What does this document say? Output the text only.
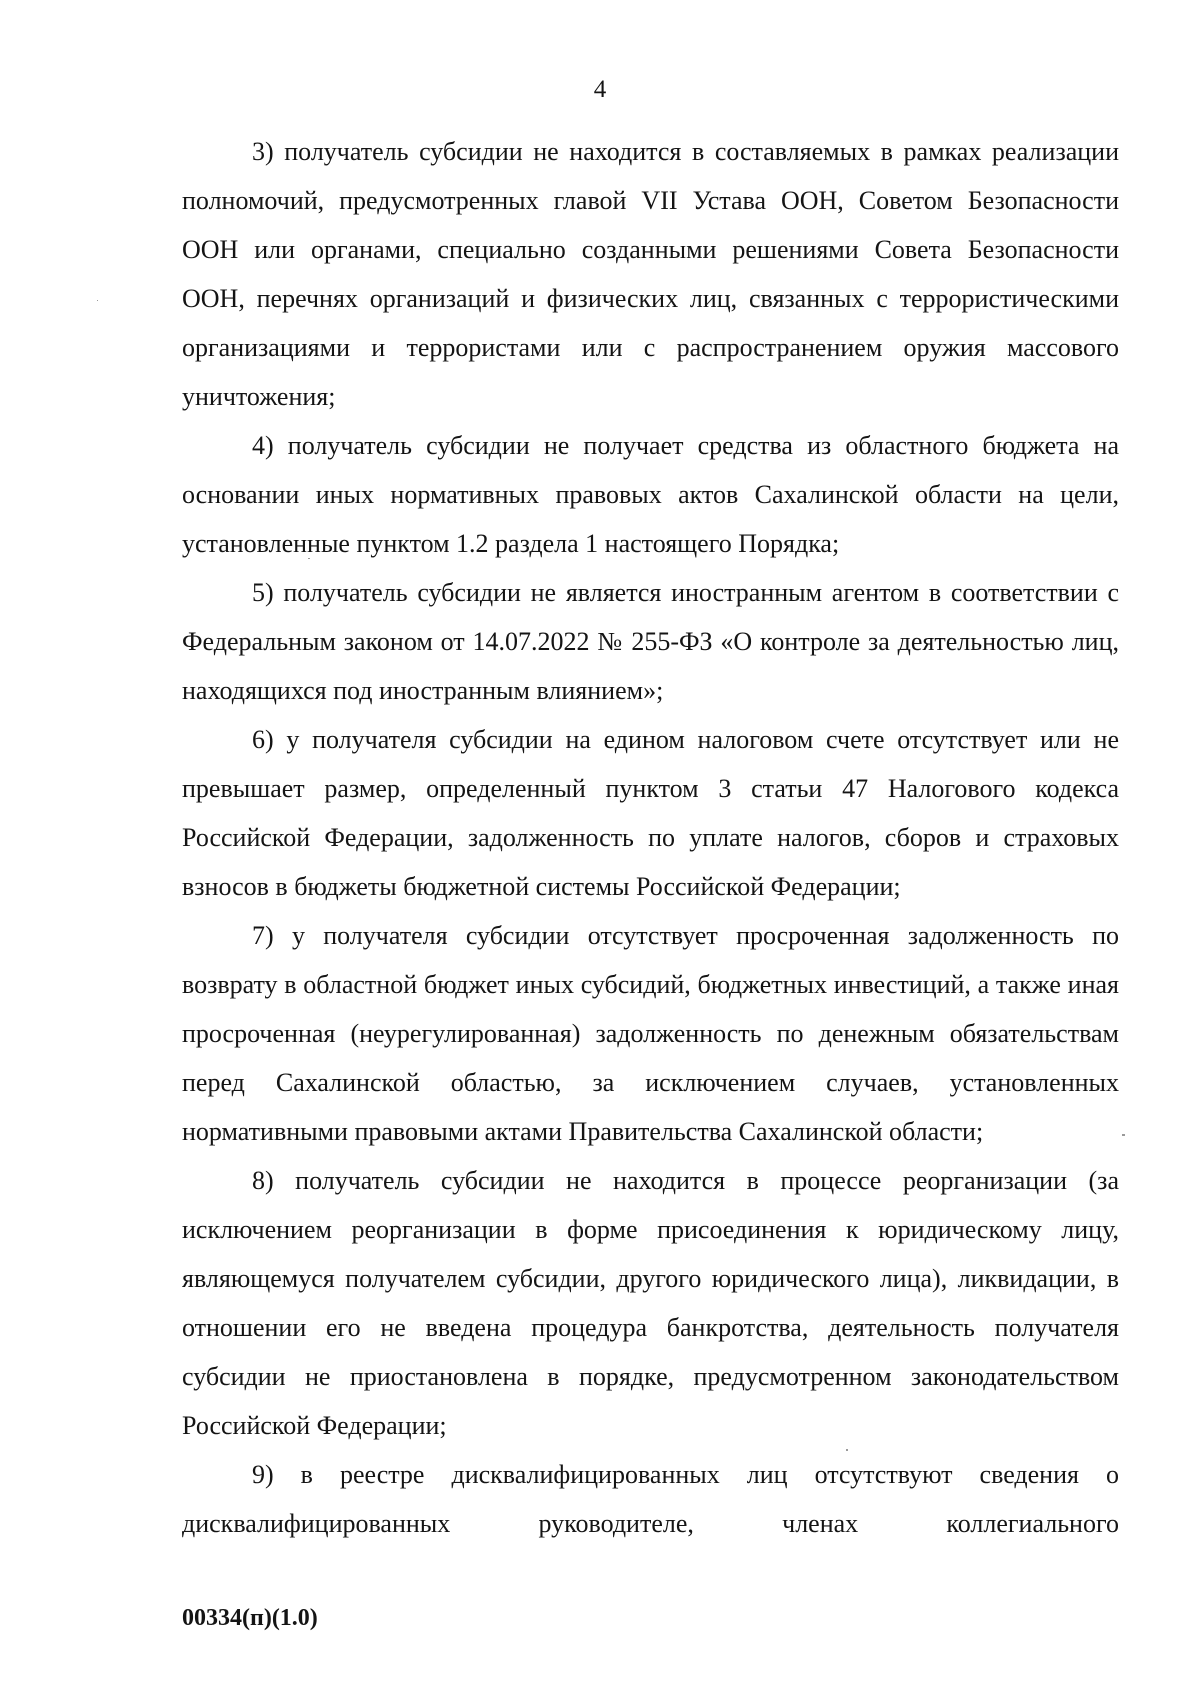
4

3) получатель субсидии не находится в составляемых в рамках реализации полномочий, предусмотренных главой VII Устава ООН, Советом Безопасности ООН или органами, специально созданными решениями Совета Безопасности ООН, перечнях организаций и физических лиц, связанных с террористическими организациями и террористами или с распространением оружия массового уничтожения;

4) получатель субсидии не получает средства из областного бюджета на основании иных нормативных правовых актов Сахалинской области на цели, установленные пунктом 1.2 раздела 1 настоящего Порядка;

5) получатель субсидии не является иностранным агентом в соответствии с Федеральным законом от 14.07.2022 № 255-ФЗ «О контроле за деятельностью лиц, находящихся под иностранным влиянием»;

6) у получателя субсидии на едином налоговом счете отсутствует или не превышает размер, определенный пунктом 3 статьи 47 Налогового кодекса Российской Федерации, задолженность по уплате налогов, сборов и страховых взносов в бюджеты бюджетной системы Российской Федерации;

7) у получателя субсидии отсутствует просроченная задолженность по возврату в областной бюджет иных субсидий, бюджетных инвестиций, а также иная просроченная (неурегулированная) задолженность по денежным обязательствам перед Сахалинской областью, за исключением случаев, установленных нормативными правовыми актами Правительства Сахалинской области;

8) получатель субсидии не находится в процессе реорганизации (за исключением реорганизации в форме присоединения к юридическому лицу, являющемуся получателем субсидии, другого юридического лица), ликвидации, в отношении его не введена процедура банкротства, деятельность получателя субсидии не приостановлена в порядке, предусмотренном законодательством Российской Федерации;

9) в реестре дисквалифицированных лиц отсутствуют сведения о дисквалифицированных руководителе, членах коллегиального

00334(п)(1.0)
